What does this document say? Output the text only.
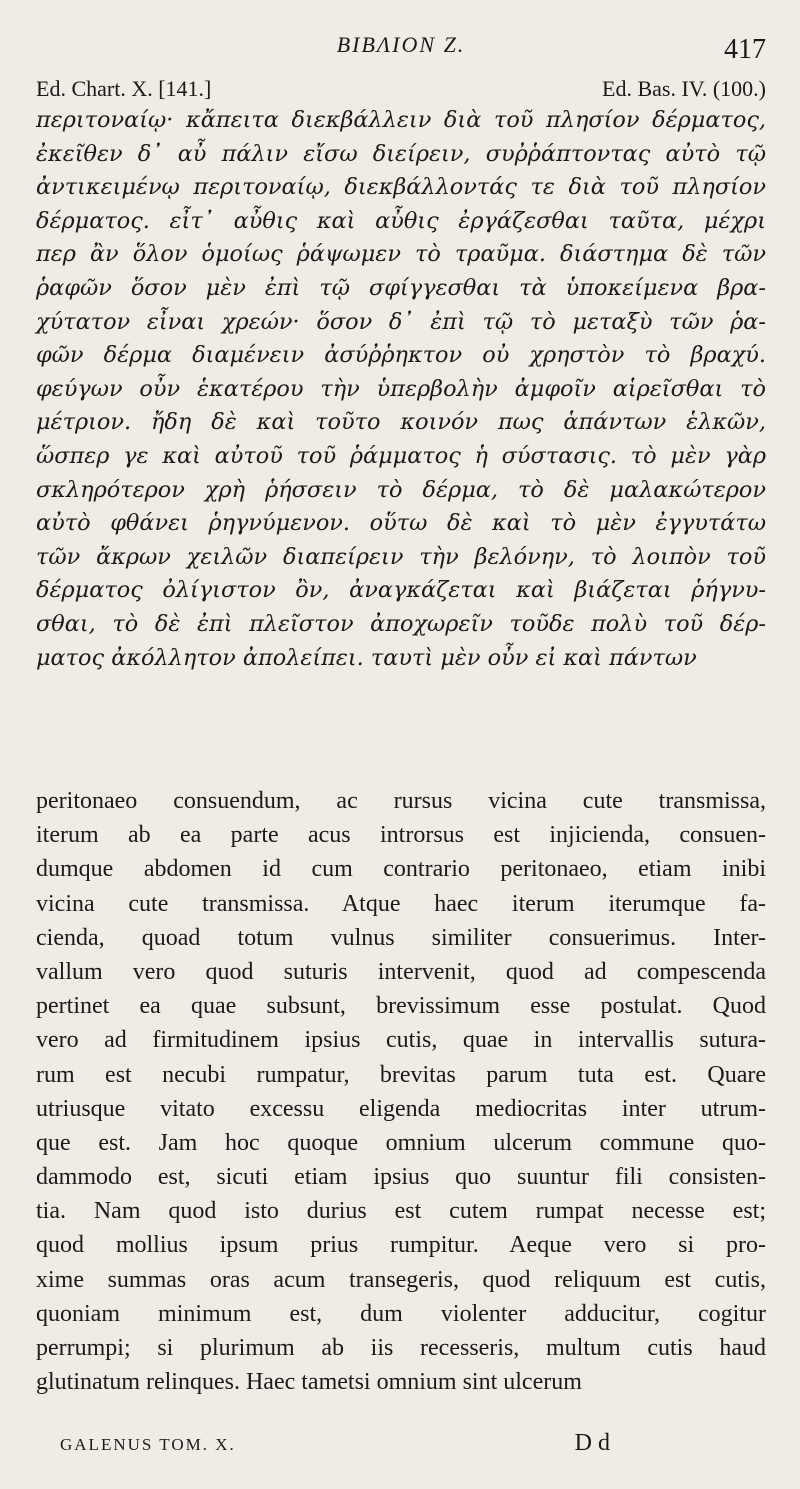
ΒΙΒΛΙΟΝ Ζ.	417
Ed. Chart. X. [141.]	Ed. Bas. IV. (100.)
περιτοναίῳ· κἄπειτα διεκβάλλειν διὰ τοῦ πλησίον δέρματος,
ἐκεῖθεν δ᾽ αὖ πάλιν εἴσω διείρειν, συῤῥάπτοντας αὐτὸ τῷ
ἀντικειμένῳ περιτοναίῳ, διεκβάλλοντάς τε διὰ τοῦ πλησίον
δέρματος. εἶτ᾽ αὖθις καὶ αὖθις ἐργάζεσθαι ταῦτα, μέχρι
περ ἂν ὅλον ὁμοίως ῥάψωμεν τὸ τραῦμα. διάστημα δὲ τῶν
ῥαφῶν ὅσον μὲν ἐπὶ τῷ σφίγγεσθαι τὰ ὑποκείμενα βρα-
χύτατον εἶναι χρεών· ὅσον δ᾽ ἐπὶ τῷ τὸ μεταξὺ τῶν ῥα-
φῶν δέρμα διαμένειν ἀσύῤῥηκτον οὐ χρηστὸν τὸ βραχύ.
φεύγων οὖν ἑκατέρου τὴν ὑπερβολὴν ἀμφοῖν αἱρεῖσθαι τὸ
μέτριον. ἤδη δὲ καὶ τοῦτο κοινόν πως ἁπάντων ἑλκῶν,
ὥσπερ γε καὶ αὐτοῦ τοῦ ῥάμματος ἡ σύστασις. τὸ μὲν γὰρ
σκληρότερον χρὴ ῥήσσειν τὸ δέρμα, τὸ δὲ μαλακώτερον
αὐτὸ φθάνει ῥηγνύμενον. οὕτω δὲ καὶ τὸ μὲν ἐγγυτάτω
τῶν ἄκρων χειλῶν διαπείρειν τὴν βελόνην, τὸ λοιπὸν τοῦ
δέρματος ὀλίγιστον ὂν, ἀναγκάζεται καὶ βιάζεται ῥήγνυ-
σθαι, τὸ δὲ ἐπὶ πλεῖστον ἀποχωρεῖν τοῦδε πολὺ τοῦ δέρ-
ματος ἀκόλλητον ἀπολείπει. ταυτὶ μὲν οὖν εἰ καὶ πάντων
peritonaeo consuendum, ac rursus vicina cute transmissa,
iterum ab ea parte acus introrsus est injicienda, consuen-
dumque abdomen id cum contrario peritonaeo, etiam inibi
vicina cute transmissa. Atque haec iterum iterumque fa-
cienda, quoad totum vulnus similiter consuerimus. Inter-
vallum vero quod suturis intervenit, quod ad compescenda
pertinet ea quae subsunt, brevissimum esse postulat. Quod
vero ad firmitudinem ipsius cutis, quae in intervallis sutura-
rum est necubi rumpatur, brevitas parum tuta est. Quare
utriusque vitato excessu eligenda mediocritas inter utrum-
que est. Jam hoc quoque omnium ulcerum commune quo-
dammodo est, sicuti etiam ipsius quo suuntur fili consisten-
tia. Nam quod isto durius est cutem rumpat necesse est;
quod mollius ipsum prius rumpitur. Aeque vero si pro-
xime summas oras acum transegeris, quod reliquum est cutis,
quoniam minimum est, dum violenter adducitur, cogitur
perrumpi; si plurimum ab iis recesseris, multum cutis haud
glutinatum relinques. Haec tametsi omnium sint ulcerum
GALENUS TOM. X.	D d
